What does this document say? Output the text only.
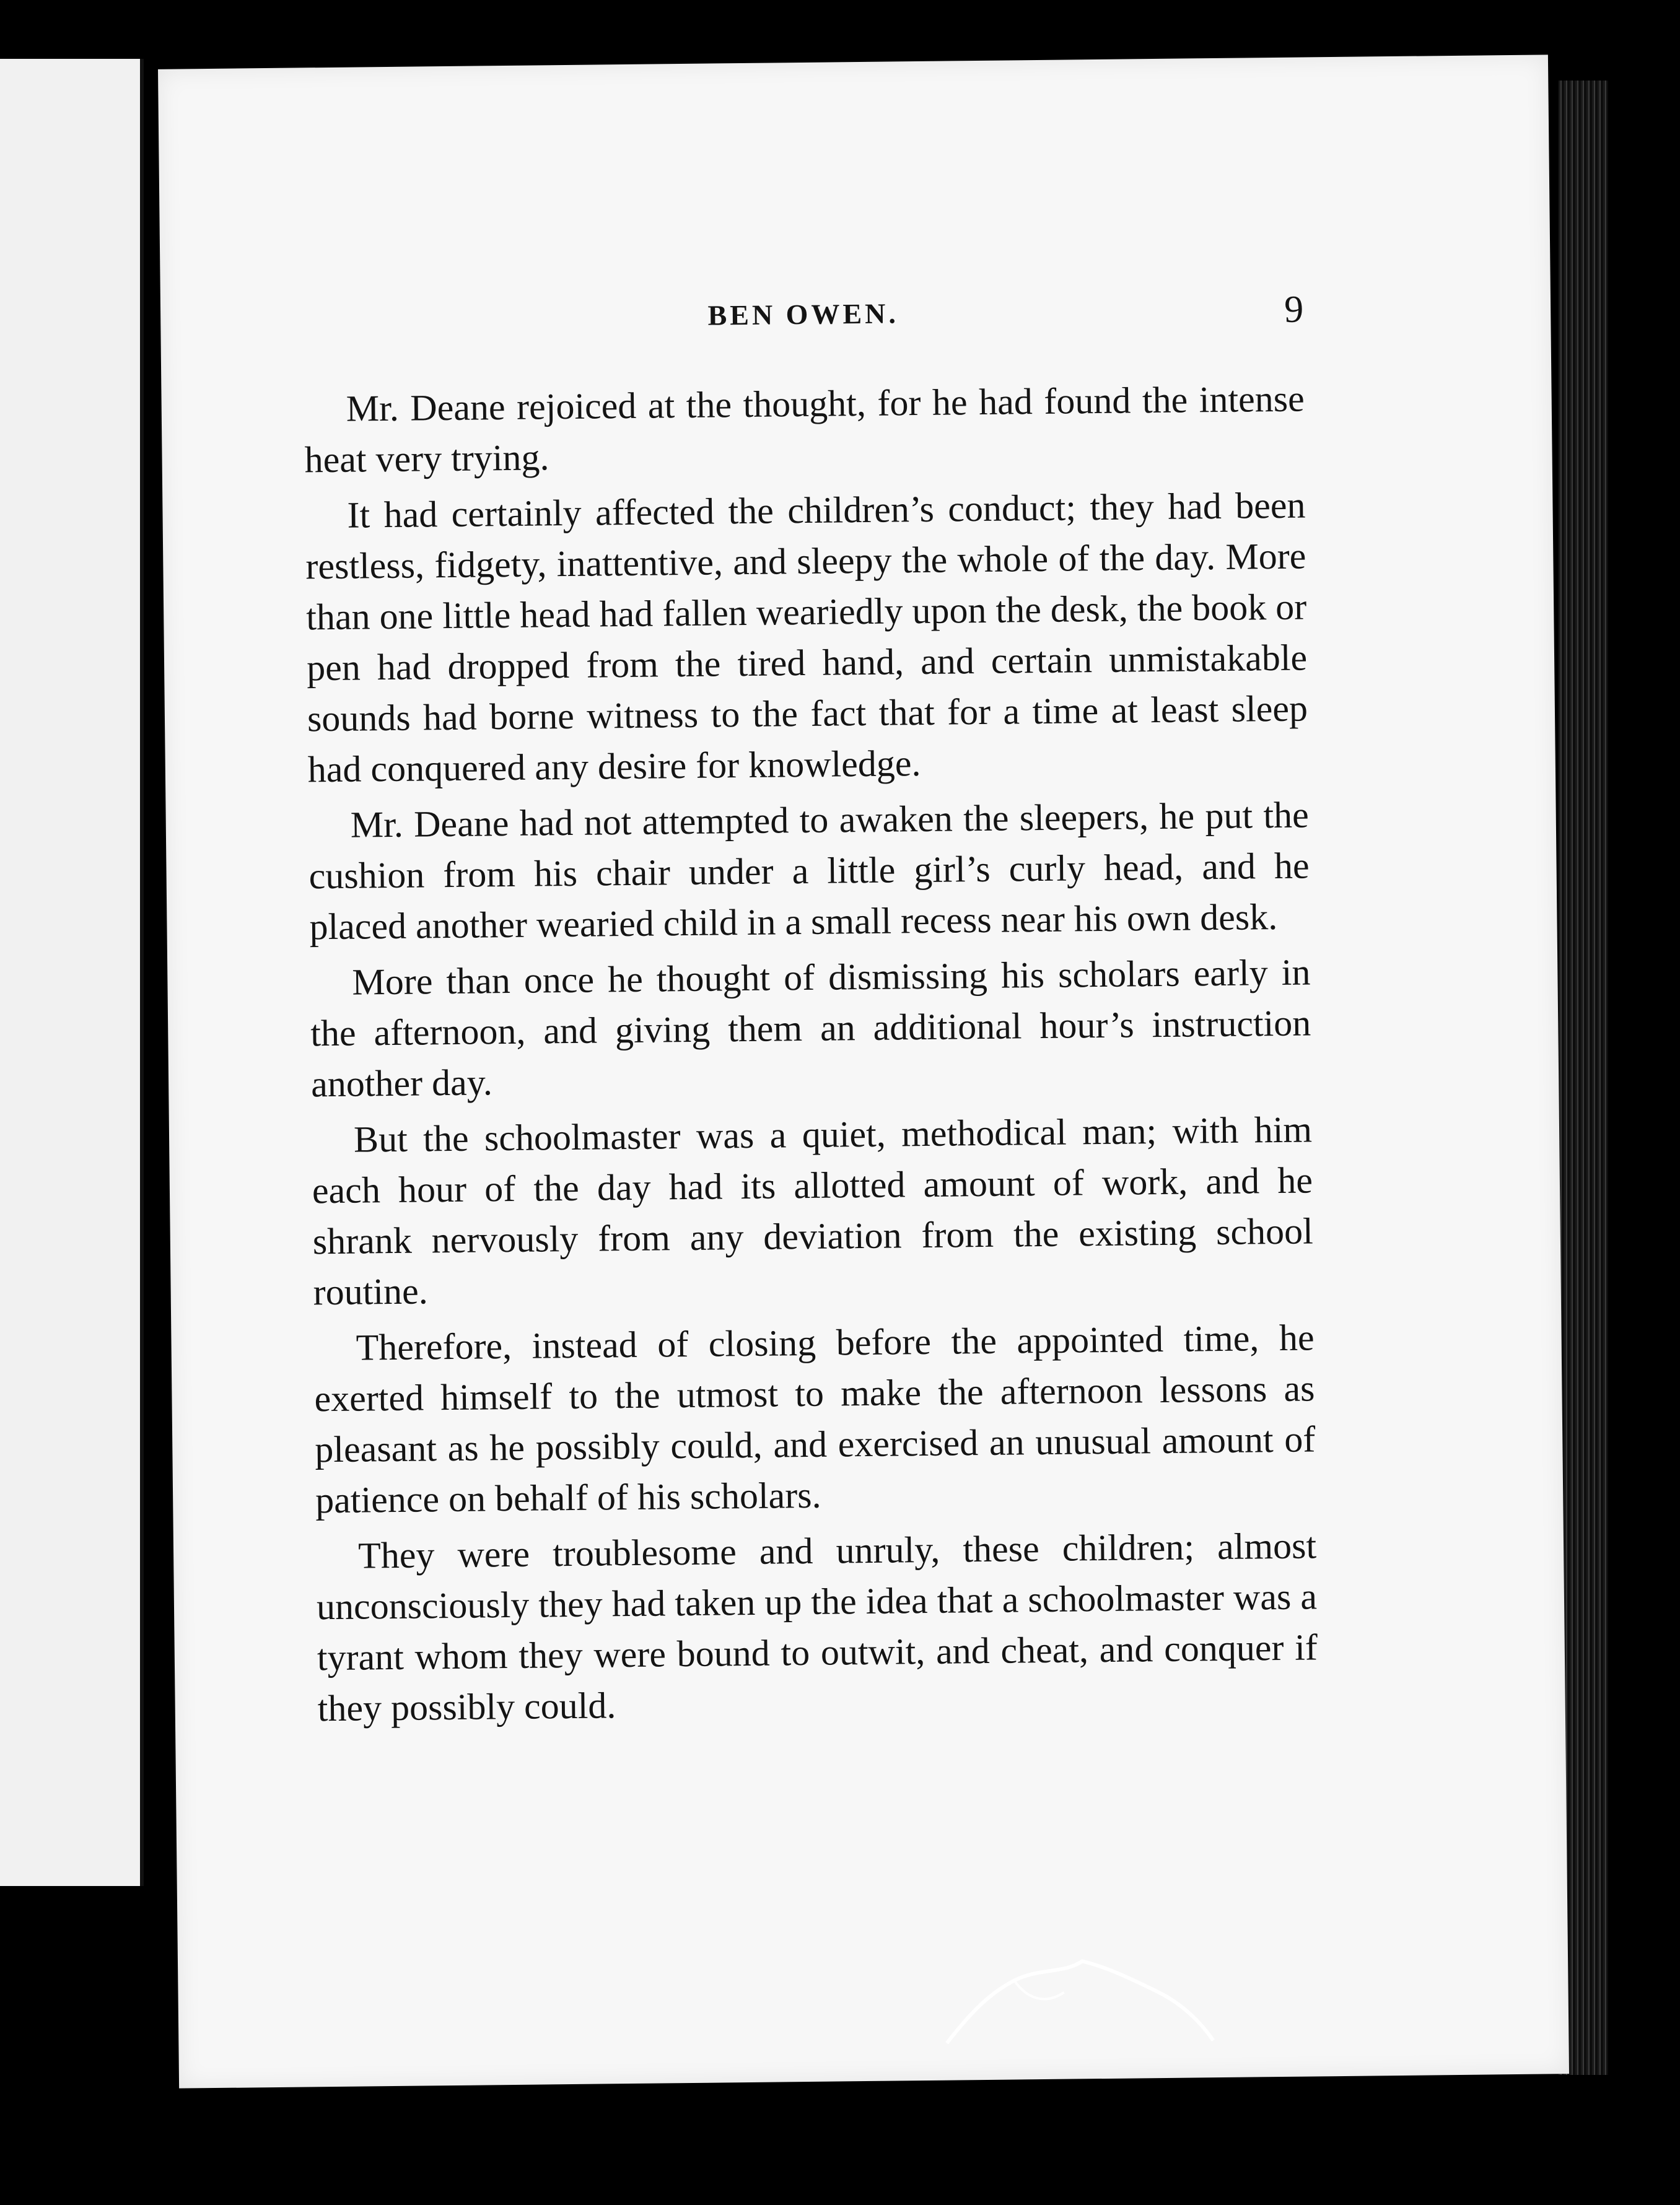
BEN OWEN.	9

Mr. Deane rejoiced at the thought, for he had found the intense heat very trying.

It had certainly affected the children’s conduct; they had been restless, fidgety, inattentive, and sleepy the whole of the day. More than one little head had fallen weariedly upon the desk, the book or pen had dropped from the tired hand, and certain unmistakable sounds had borne witness to the fact that for a time at least sleep had conquered any desire for knowledge.

Mr. Deane had not attempted to awaken the sleepers, he put the cushion from his chair under a little girl’s curly head, and he placed another wearied child in a small recess near his own desk.

More than once he thought of dismissing his scholars early in the afternoon, and giving them an additional hour’s instruction another day.

But the schoolmaster was a quiet, methodical man; with him each hour of the day had its allotted amount of work, and he shrank nervously from any deviation from the existing school routine.

Therefore, instead of closing before the appointed time, he exerted himself to the utmost to make the afternoon lessons as pleasant as he possibly could, and exercised an unusual amount of patience on behalf of his scholars.

They were troublesome and unruly, these children; almost unconsciously they had taken up the idea that a schoolmaster was a tyrant whom they were bound to outwit, and cheat, and conquer if they possibly could.
